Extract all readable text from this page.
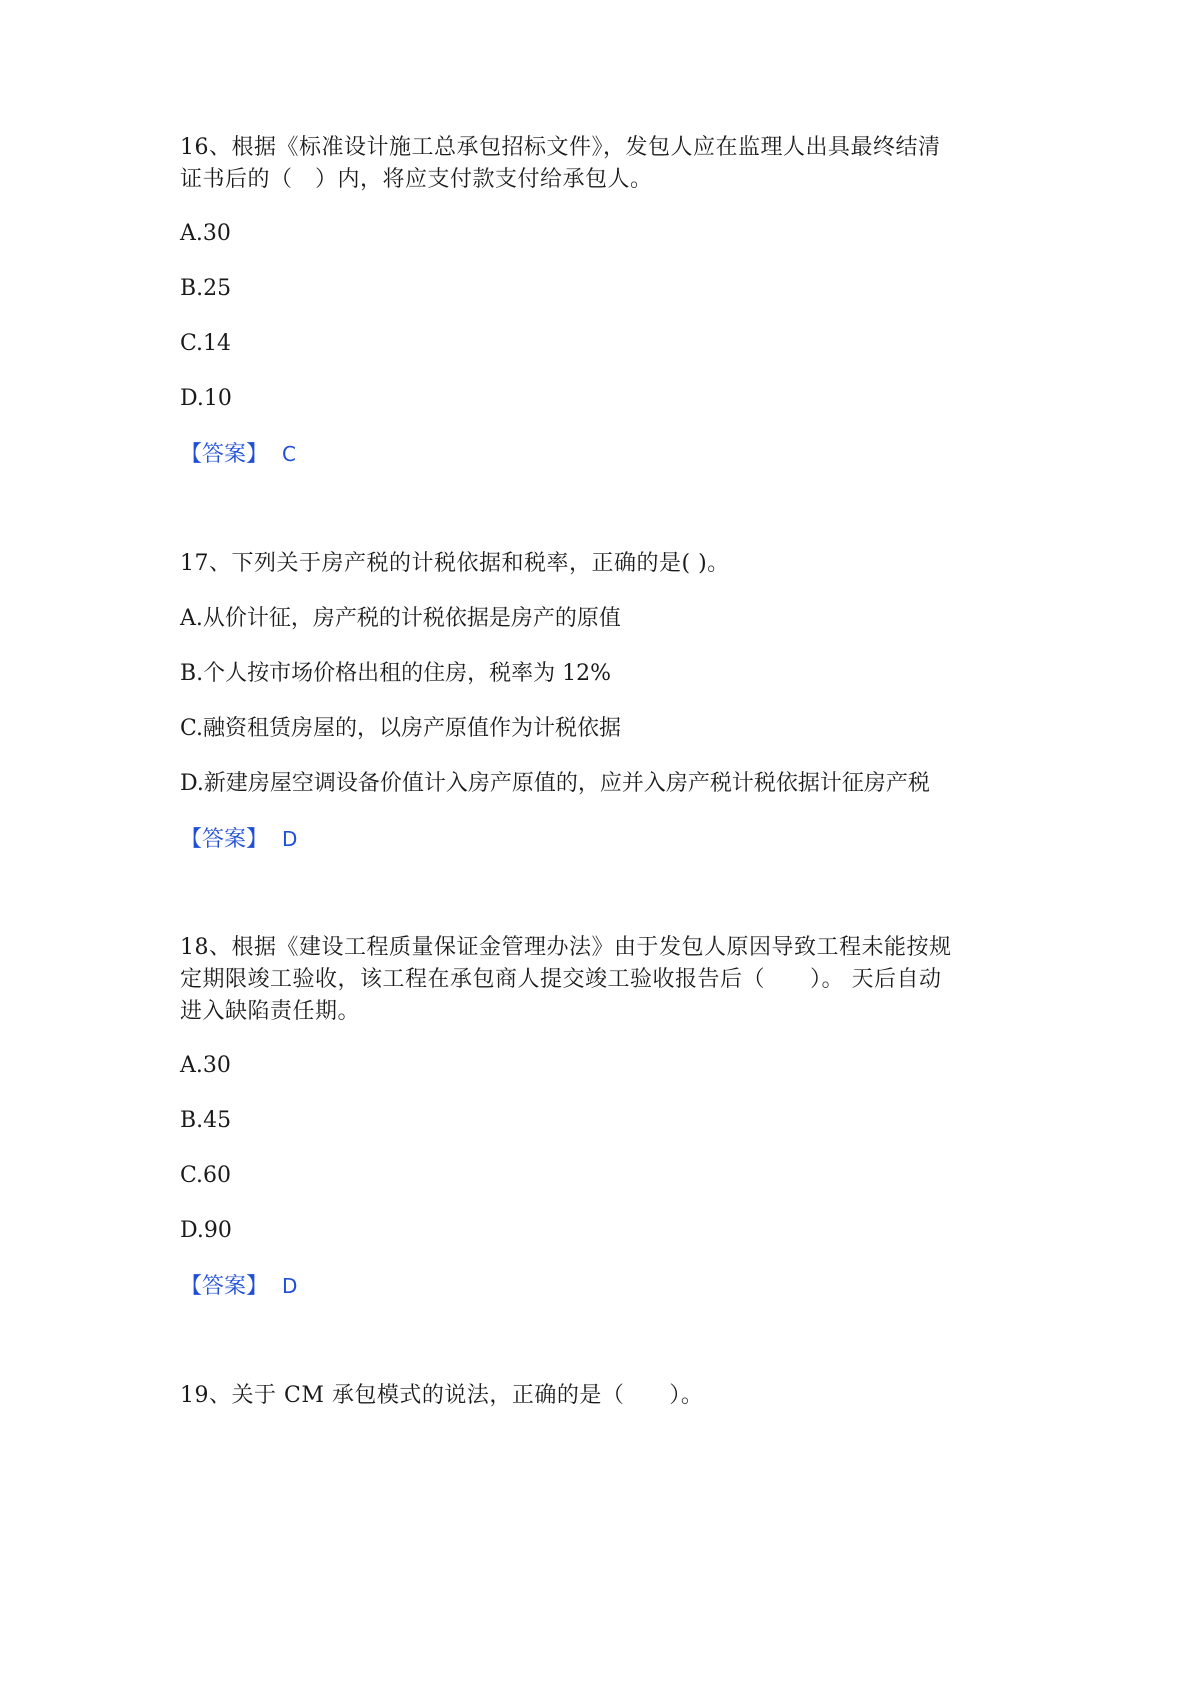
16、根据《标准设计施工总承包招标文件》，发包人应在监理人出具最终结清
证书后的（　）内，将应支付款支付给承包人。
A.30
B.25
C.14
D.10
【答案】 C
17、下列关于房产税的计税依据和税率，正确的是( )。
A.从价计征，房产税的计税依据是房产的原值
B.个人按市场价格出租的住房，税率为 12%
C.融资租赁房屋的，以房产原值作为计税依据
D.新建房屋空调设备价值计入房产原值的，应并入房产税计税依据计征房产税
【答案】 D
18、根据《建设工程质量保证金管理办法》由于发包人原因导致工程未能按规
定期限竣工验收，该工程在承包商人提交竣工验收报告后（　　）。 天后自动
进入缺陷责任期。
A.30
B.45
C.60
D.90
【答案】 D
19、关于 CM 承包模式的说法，正确的是（　　）。
